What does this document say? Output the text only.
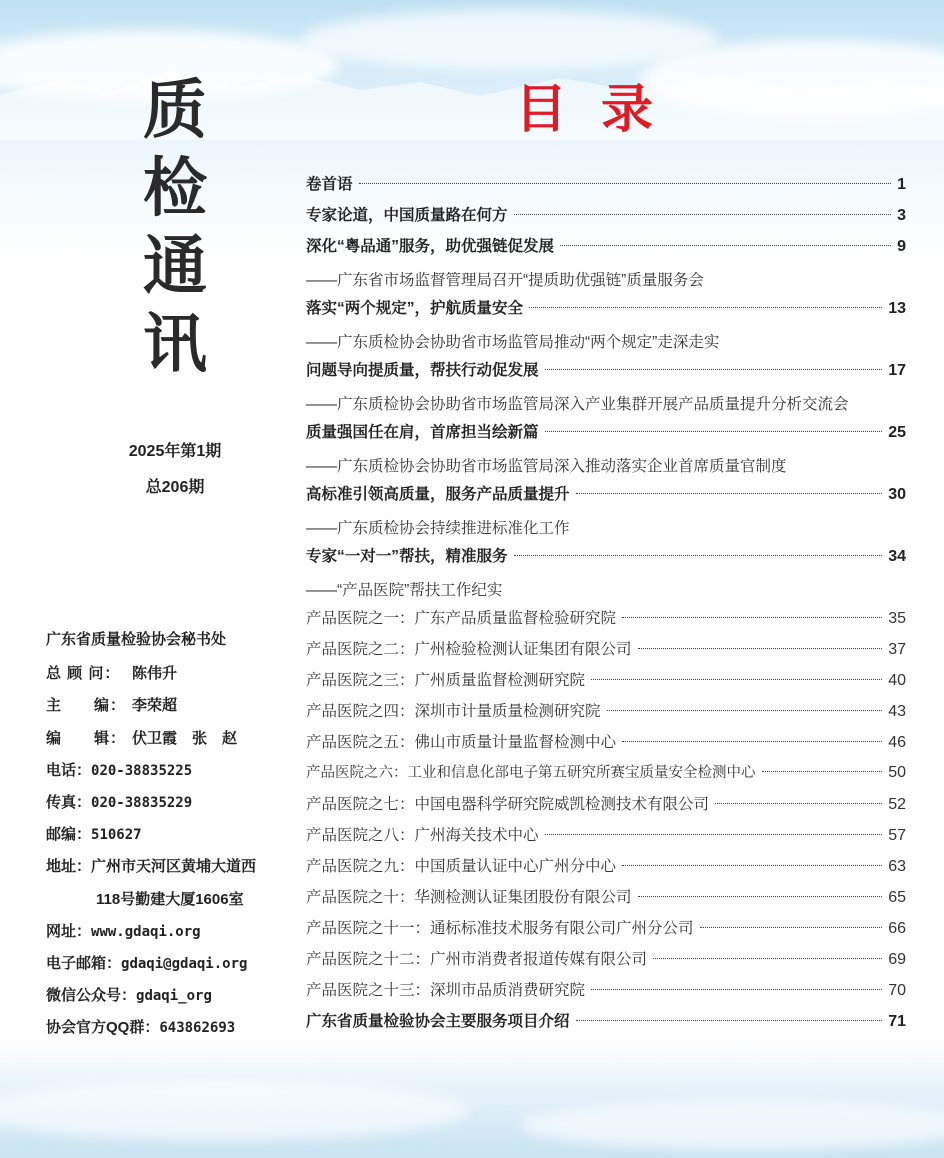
质
检
通
讯
2025年第1期
总206期
广东省质量检验协会秘书处
总 顾 问： 陈伟升
主　　编： 李荣超
编　　辑： 伏卫霞　张　赵
电话：020-38835225
传真：020-38835229
邮编：510627
地址：广州市天河区黄埔大道西
118号勤建大厦1606室
网址：www.gdaqi.org
电子邮箱：gdaqi@gdaqi.org
微信公众号：gdaqi_org
协会官方QQ群：643862693
目录
卷首语	1
专家论道，中国质量路在何方	3
深化“粤品通”服务，助优强链促发展	9
——广东省市场监督管理局召开“提质助优强链”质量服务会
落实“两个规定”，护航质量安全	13
——广东质检协会协助省市场监管局推动“两个规定”走深走实
问题导向提质量，帮扶行动促发展	17
——广东质检协会协助省市场监管局深入产业集群开展产品质量提升分析交流会
质量强国任在肩，首席担当绘新篇	25
——广东质检协会协助省市场监管局深入推动落实企业首席质量官制度
高标准引领高质量，服务产品质量提升	30
——广东质检协会持续推进标准化工作
专家“一对一”帮扶，精准服务	34
——“产品医院”帮扶工作纪实
产品医院之一：广东产品质量监督检验研究院	35
产品医院之二：广州检验检测认证集团有限公司	37
产品医院之三：广州质量监督检测研究院	40
产品医院之四：深圳市计量质量检测研究院	43
产品医院之五：佛山市质量计量监督检测中心	46
产品医院之六：工业和信息化部电子第五研究所赛宝质量安全检测中心	50
产品医院之七：中国电器科学研究院威凯检测技术有限公司	52
产品医院之八：广州海关技术中心	57
产品医院之九：中国质量认证中心广州分中心	63
产品医院之十：华测检测认证集团股份有限公司	65
产品医院之十一：通标标准技术服务有限公司广州分公司	66
产品医院之十二：广州市消费者报道传媒有限公司	69
产品医院之十三：深圳市品质消费研究院	70
广东省质量检验协会主要服务项目介绍	71
